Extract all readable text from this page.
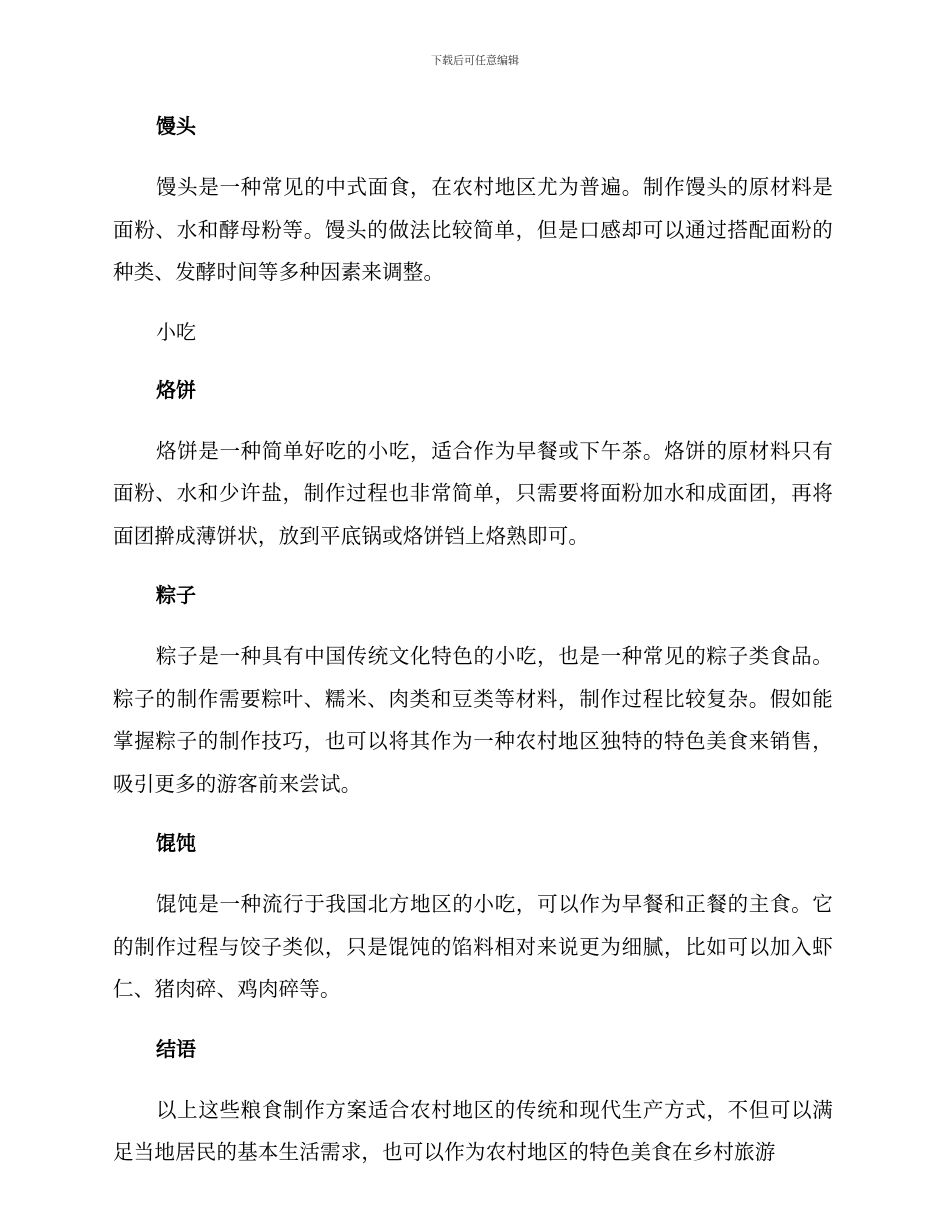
下载后可任意编辑
馒头

馒头是一种常见的中式面食，在农村地区尤为普遍。制作馒头的原材料是面粉、水和酵母粉等。馒头的做法比较简单，但是口感却可以通过搭配面粉的种类、发酵时间等多种因素来调整。

小吃
烙饼

烙饼是一种简单好吃的小吃，适合作为早餐或下午茶。烙饼的原材料只有面粉、水和少许盐，制作过程也非常简单，只需要将面粉加水和成面团，再将面团擀成薄饼状，放到平底锅或烙饼铛上烙熟即可。

粽子

粽子是一种具有中国传统文化特色的小吃，也是一种常见的粽子类食品。粽子的制作需要粽叶、糯米、肉类和豆类等材料，制作过程比较复杂。假如能掌握粽子的制作技巧，也可以将其作为一种农村地区独特的特色美食来销售，吸引更多的游客前来尝试。

馄饨

馄饨是一种流行于我国北方地区的小吃，可以作为早餐和正餐的主食。它的制作过程与饺子类似，只是馄饨的馅料相对来说更为细腻，比如可以加入虾仁、猪肉碎、鸡肉碎等。

结语

以上这些粮食制作方案适合农村地区的传统和现代生产方式，不但可以满足当地居民的基本生活需求，也可以作为农村地区的特色美食在乡村旅游
